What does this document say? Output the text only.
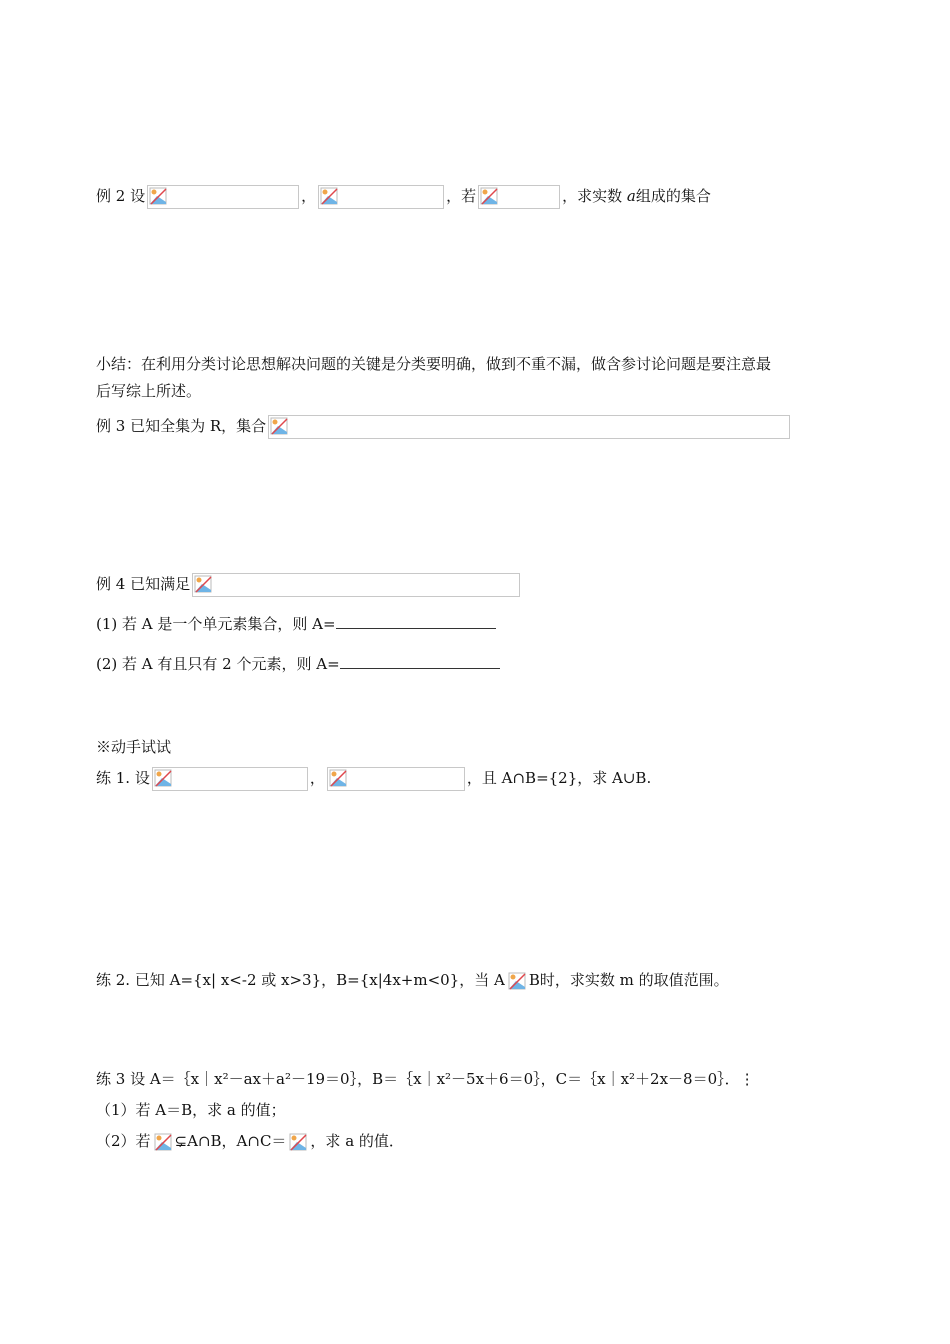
例 2 设	，	，若	，求实数 a组成的集合
小结：在利用分类讨论思想解决问题的关键是分类要明确，做到不重不漏，做含参讨论问题是要注意最
后写综上所述。
例 3 已知全集为 R，集合
例 4 已知满足
(1) 若 A 是一个单元素集合，则 A=
(2) 若 A 有且只有 2 个元素，则 A=
※动手试试
练 1. 设	，	，且 A∩B={2}，求 A∪B.
练 2. 已知 A={x| x<-2 或 x>3}，B={x|4x+m<0}，当 A B时，求实数 m 的取值范围。
练 3 设 A＝｛x｜x²－ax＋a²－19＝0｝，B＝｛x｜x²－5x＋6＝0｝，C＝｛x｜x²＋2x－8＝0｝．⋮
（1）若 A＝B，求 a 的值；
（2）若 ⊊A∩B，A∩C＝ ，求 a 的值．
